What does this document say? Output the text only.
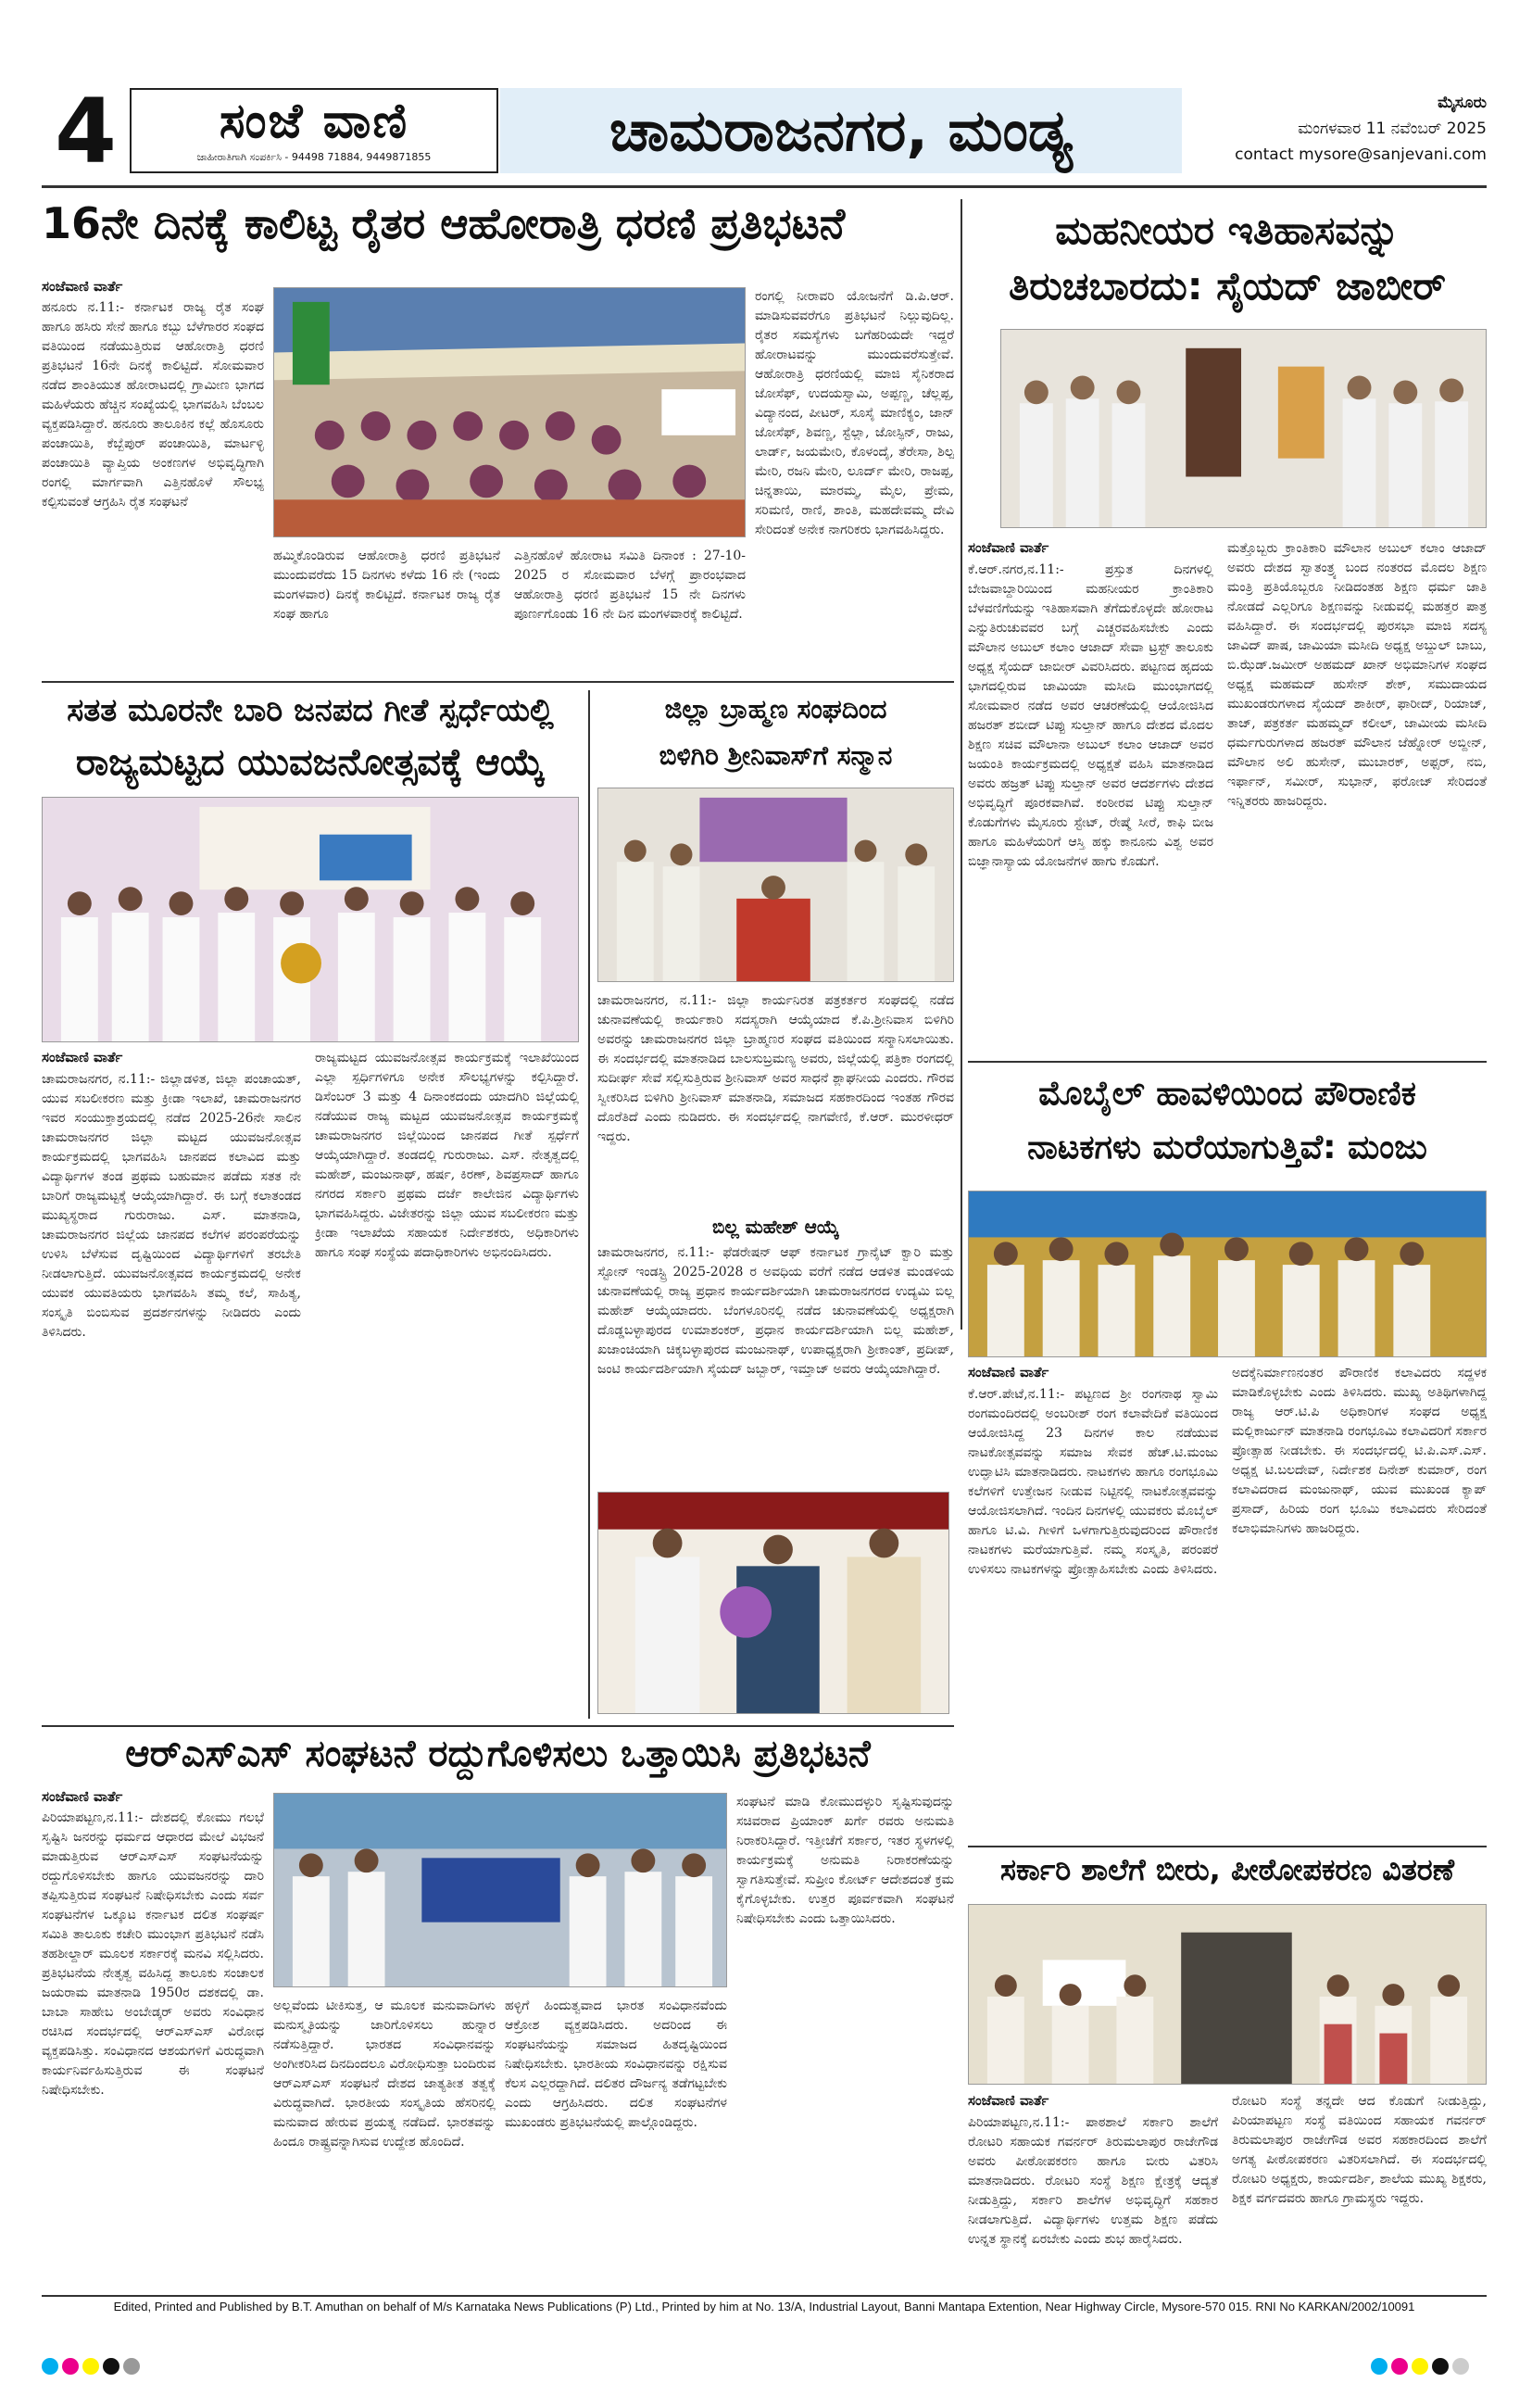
4	ಸಂಜೆ ವಾಣಿ
ಜಾಹೀರಾತಿಗಾಗಿ ಸಂಪರ್ಕಿಸಿ - 94498 71884, 9449871855	ಚಾಮರಾಜನಗರ, ಮಂಡ್ಯ	ಮೈಸೂರು
ಮಂಗಳವಾರ 11 ನವೆಂಬರ್ 2025
contact mysore@sanjevani.com
16ನೇ ದಿನಕ್ಕೆ ಕಾಲಿಟ್ಟ ರೈತರ ಆಹೋರಾತ್ರಿ ಧರಣಿ ಪ್ರತಿಭಟನೆ
ಸಂಜೆವಾಣಿ ವಾರ್ತೆ
ಹನೂರು ನ.11:- ಕರ್ನಾಟಕ ರಾಜ್ಯ ರೈತ ಸಂಘ ಹಾಗೂ ಹಸಿರು ಸೇನೆ ಹಾಗೂ ಕಬ್ಬು ಬೆಳೆಗಾರರ ಸಂಘದ ವತಿಯಿಂದ ನಡೆಯುತ್ತಿರುವ ಆಹೋರಾತ್ರಿ ಧರಣಿ ಪ್ರತಿಭಟನೆ 16ನೇ ದಿನಕ್ಕೆ ಕಾಲಿಟ್ಟಿದೆ. ಸೋಮವಾರ ನಡೆದ ಶಾಂತಿಯುತ ಹೋರಾಟದಲ್ಲಿ ಗ್ರಾಮೀಣ ಭಾಗದ ಮಹಿಳೆಯರು ಹೆಚ್ಚಿನ ಸಂಖ್ಯೆಯಲ್ಲಿ ಭಾಗವಹಿಸಿ ಬೆಂಬಲ ವ್ಯಕ್ತಪಡಿಸಿದ್ದಾರೆ. ಹನೂರು ತಾಲೂಕಿನ ಕಲ್ಲೆ ಹೊಸೂರು ಪಂಚಾಯಿತಿ, ಕೆಬ್ಬೆಪುರ್ ಪಂಚಾಯಿತಿ, ಮಾರ್ಟಳ್ಳಿ ಪಂಚಾಯಿತಿ ವ್ಯಾಪ್ತಿಯ ಅಂಕಣಗಳ ಅಭಿವೃದ್ಧಿಗಾಗಿ ರಂಗಲ್ಲಿ ಮಾರ್ಗವಾಗಿ ಎತ್ತಿನಹೊಳೆ ಸೌಲಭ್ಯ ಕಲ್ಪಿಸುವಂತೆ ಆಗ್ರಹಿಸಿ ರೈತ ಸಂಘಟನೆ
ಹಮ್ಮಿಕೊಂಡಿರುವ ಆಹೋರಾತ್ರಿ ಧರಣಿ ಪ್ರತಿಭಟನೆ ಮುಂದುವರೆದು 15 ದಿನಗಳು ಕಳೆದು 16 ನೇ (ಇಂದು ಮಂಗಳವಾರ) ದಿನಕ್ಕೆ ಕಾಲಿಟ್ಟಿದೆ. ಕರ್ನಾಟಕ ರಾಜ್ಯ ರೈತ ಸಂಘ ಹಾಗೂ
ಎತ್ತಿನಹೊಳೆ ಹೋರಾಟ ಸಮಿತಿ ದಿನಾಂಕ : 27-10-2025 ರ ಸೋಮವಾರ ಬೆಳಗ್ಗೆ ಪ್ರಾರಂಭವಾದ ಆಹೋರಾತ್ರಿ ಧರಣಿ ಪ್ರತಿಭಟನೆ 15 ನೇ ದಿನಗಳು ಪೂರ್ಣಗೊಂಡು 16 ನೇ ದಿನ ಮಂಗಳವಾರಕ್ಕೆ ಕಾಲಿಟ್ಟಿದೆ.
ರಂಗಲ್ಲಿ ನೀರಾವರಿ ಯೋಜನೆಗೆ ಡಿ.ಪಿ.ಆರ್. ಮಾಡಿಸುವವರೆಗೂ ಪ್ರತಿಭಟನೆ ನಿಲ್ಲುವುದಿಲ್ಲ. ರೈತರ ಸಮಸ್ಯೆಗಳು ಬಗೆಹರಿಯದೇ ಇದ್ದರೆ ಹೋರಾಟವನ್ನು ಮುಂದುವರೆಸುತ್ತೇವೆ. ಆಹೋರಾತ್ರಿ ಧರಣಿಯಲ್ಲಿ ಮಾಜಿ ಸೈನಿಕರಾದ ಜೋಸೆಫ್, ಉದಯಸ್ವಾಮಿ, ಅಪ್ಪಣ್ಣ, ಚೆಲ್ಲಪ್ಪ, ವಿದ್ಯಾನಂದ, ಪೀಟರ್, ಸೂಸೈ ಮಾಣಿಕ್ಯಂ, ಜಾನ್ ಜೋಸೆಫ್, ಶಿವಣ್ಣ, ಸ್ಟೆಲ್ಲಾ, ಜೋಸ್ಫಿನ್, ರಾಜು, ಲಾರ್ಡ್, ಜಯಮೇರಿ, ಕೊಳಂದೈ, ತೆರೇಸಾ, ಶಿಲ್ಪ ಮೇರಿ, ರಜನಿ ಮೇರಿ, ಲೂರ್ದ್ ಮೇರಿ, ರಾಜಪ್ಪ, ಚಿನ್ನತಾಯಿ, ಮಾರಮ್ಮ, ಮೈಲ, ಪ್ರೇಮ, ಸರಿಮಣಿ, ರಾಣಿ, ಶಾಂತಿ, ಮಹದೇವಮ್ಮ ದೇವಿ ಸೇರಿದಂತೆ ಅನೇಕ ನಾಗರಿಕರು ಭಾಗವಹಿಸಿದ್ದರು.
ಮಹನೀಯರ ಇತಿಹಾಸವನ್ನು
ತಿರುಚಬಾರದು: ಸೈಯದ್ ಜಾಬೀರ್
ಸಂಜೆವಾಣಿ ವಾರ್ತೆ
ಕೆ.ಆರ್.ನಗರ,ನ.11:- ಪ್ರಸ್ತುತ ದಿನಗಳಲ್ಲಿ ಬೇಜವಾಬ್ದಾರಿಯಿಂದ ಮಹನೀಯರ ಕ್ರಾಂತಿಕಾರಿ ಬೆಳವಣಿಗೆಯನ್ನು ಇತಿಹಾಸವಾಗಿ ತೆಗೆದುಕೊಳ್ಳದೇ ಹೋರಾಟ ಎನ್ನುತಿರುಚುವವರ ಬಗ್ಗೆ ಎಚ್ಚರವಹಿಸಬೇಕು ಎಂದು ಮೌಲಾನ ಅಬುಲ್ ಕಲಾಂ ಆಜಾದ್ ಸೇವಾ ಟ್ರಸ್ಟ್ ತಾಲೂಕು ಅಧ್ಯಕ್ಷ ಸೈಯದ್ ಜಾಬೀರ್ ವಿವರಿಸಿದರು. ಪಟ್ಟಣದ ಹೃದಯ ಭಾಗದಲ್ಲಿರುವ ಜಾಮಿಯಾ ಮಸೀದಿ ಮುಂಭಾಗದಲ್ಲಿ ಸೋಮವಾರ ನಡೆದ ಅವರ ಆಚರಣೆಯಲ್ಲಿ ಆಯೋಜಿಸಿದ ಹಜರತ್ ಶಬೀದ್ ಟಿಪ್ಪು ಸುಲ್ತಾನ್ ಹಾಗೂ ದೇಶದ ಮೊದಲ ಶಿಕ್ಷಣ ಸಚಿವ ಮೌಲಾನಾ ಅಬುಲ್ ಕಲಾಂ ಆಜಾದ್ ಅವರ ಜಯಂತಿ ಕಾರ್ಯಕ್ರಮದಲ್ಲಿ ಅಧ್ಯಕ್ಷತೆ ವಹಿಸಿ ಮಾತನಾಡಿದ ಅವರು ಹಜ್ರತ್ ಟಿಪ್ಪು ಸುಲ್ತಾನ್ ಅವರ ಆದರ್ಶಗಳು ದೇಶದ ಅಭಿವೃದ್ಧಿಗೆ ಪೂರಕವಾಗಿವೆ. ಕಂಠೀರವ ಟಿಪ್ಪು ಸುಲ್ತಾನ್ ಕೊಡುಗೆಗಳು ಮೈಸೂರು ಸ್ಟೇಟ್, ರೇಷ್ಮೆ ಸೀರೆ, ಕಾಫಿ ಬೀಜ ಹಾಗೂ ಮಹಿಳೆಯರಿಗೆ ಆಸ್ತಿ ಹಕ್ಕು ಕಾನೂನು ವಿಶ್ವ ಅವರ ಬಿಜ್ಞಾನಾಸ್ಯಾಯ ಯೋಜನೆಗಳ ಹಾಗು ಕೊಡುಗೆ.
ಮತ್ತೊಬ್ಬರು ಕ್ರಾಂತಿಕಾರಿ ಮೌಲಾನ ಅಬುಲ್ ಕಲಾಂ ಆಜಾದ್ ಅವರು ದೇಶದ ಸ್ವಾತಂತ್ರ್ಯ ಬಂದ ನಂತರದ ಮೊದಲ ಶಿಕ್ಷಣ ಮಂತ್ರಿ ಪ್ರತಿಯೊಬ್ಬರೂ ನೀಡಿದಂತಹ ಶಿಕ್ಷಣ ಧರ್ಮ ಜಾತಿ ನೋಡದೆ ಎಲ್ಲರಿಗೂ ಶಿಕ್ಷಣವನ್ನು ನೀಡುವಲ್ಲಿ ಮಹತ್ತರ ಪಾತ್ರ ವಹಿಸಿದ್ದಾರೆ. ಈ ಸಂದರ್ಭದಲ್ಲಿ ಪುರಸಭಾ ಮಾಜಿ ಸದಸ್ಯ ಜಾವಿದ್ ಪಾಷ, ಜಾಮಿಯಾ ಮಸೀದಿ ಅಧ್ಯಕ್ಷ ಅಬ್ದುಲ್ ಬಾಬು, ಬಿ.ಝೆಡ್.ಜಮೀರ್ ಅಹಮದ್ ಖಾನ್ ಅಭಿಮಾನಿಗಳ ಸಂಘದ ಅಧ್ಯಕ್ಷ ಮಹಮದ್ ಹುಸೇನ್ ಶೇಕ್, ಸಮುದಾಯದ ಮುಖಂಡರುಗಳಾದ ಸೈಯದ್ ಶಾಕೀರ್, ಫಾರೀದ್, ರಿಯಾಜ್, ತಾಜ್, ಪತ್ರಕರ್ತ ಮಹಮ್ಮದ್ ಕಲೀಲ್, ಜಾಮೀಯ ಮಸೀದಿ ಧರ್ಮಗುರುಗಳಾದ ಹಜರತ್ ಮೌಲಾನ ಜೆಹ್ನೋರ್ ಅಬ್ದೀನ್, ಮೌಲಾನ ಅಲಿ ಹುಸೇನ್, ಮುಬಾರಕ್, ಅಫ್ಸರ್, ನಬಿ, ಇರ್ಫಾನ್, ಸಮೀರ್, ಸುಭಾನ್, ಫರೋಜ್ ಸೇರಿದಂತೆ ಇನ್ನಿತರರು ಹಾಜರಿದ್ದರು.
ಸತತ ಮೂರನೇ ಬಾರಿ ಜನಪದ ಗೀತೆ ಸ್ಪರ್ಧೆಯಲ್ಲಿ
ರಾಜ್ಯಮಟ್ಟದ ಯುವಜನೋತ್ಸವಕ್ಕೆ ಆಯ್ಕೆ
ಸಂಜೆವಾಣಿ ವಾರ್ತೆ
ಚಾಮರಾಜನಗರ, ನ.11:- ಜಿಲ್ಲಾಡಳಿತ, ಜಿಲ್ಲಾ ಪಂಚಾಯತ್, ಯುವ ಸಬಲೀಕರಣ ಮತ್ತು ಕ್ರೀಡಾ ಇಲಾಖೆ, ಚಾಮರಾಜನಗರ ಇವರ ಸಂಯುಕ್ತಾಶ್ರಯದಲ್ಲಿ ನಡೆದ 2025-26ನೇ ಸಾಲಿನ ಚಾಮರಾಜನಗರ ಜಿಲ್ಲಾ ಮಟ್ಟದ ಯುವಜನೋತ್ಸವ ಕಾರ್ಯಕ್ರಮದಲ್ಲಿ ಭಾಗವಹಿಸಿ ಜಾನಪದ ಕಲಾವಿದ ಮತ್ತು ವಿದ್ಯಾರ್ಥಿಗಳ ತಂಡ ಪ್ರಥಮ ಬಹುಮಾನ ಪಡೆದು ಸತತ ನೇ ಬಾರಿಗೆ ರಾಜ್ಯಮಟ್ಟಕ್ಕೆ ಆಯ್ಕೆಯಾಗಿದ್ದಾರೆ. ಈ ಬಗ್ಗೆ ಕಲಾತಂಡದ ಮುಖ್ಯಸ್ಥರಾದ ಗುರುರಾಜು. ಎಸ್. ಮಾತನಾಡಿ, ಚಾಮರಾಜನಗರ ಜಿಲ್ಲೆಯ ಜಾನಪದ ಕಲೆಗಳ ಪರಂಪರೆಯನ್ನು ಉಳಿಸಿ ಬೆಳೆಸುವ ದೃಷ್ಟಿಯಿಂದ ವಿದ್ಯಾರ್ಥಿಗಳಿಗೆ ತರಬೇತಿ ನೀಡಲಾಗುತ್ತಿದೆ. ಯುವಜನೋತ್ಸವದ ಕಾರ್ಯಕ್ರಮದಲ್ಲಿ ಅನೇಕ ಯುವಕ ಯುವತಿಯರು ಭಾಗವಹಿಸಿ ತಮ್ಮ ಕಲೆ, ಸಾಹಿತ್ಯ, ಸಂಸ್ಕೃತಿ ಬಿಂಬಿಸುವ ಪ್ರದರ್ಶನಗಳನ್ನು ನೀಡಿದರು ಎಂದು ತಿಳಿಸಿದರು.
ರಾಜ್ಯಮಟ್ಟದ ಯುವಜನೋತ್ಸವ ಕಾರ್ಯಕ್ರಮಕ್ಕೆ ಇಲಾಖೆಯಿಂದ ಎಲ್ಲಾ ಸ್ಪರ್ಧಿಗಳಿಗೂ ಅನೇಕ ಸೌಲಭ್ಯಗಳನ್ನು ಕಲ್ಪಿಸಿದ್ದಾರೆ. ಡಿಸೆಂಬರ್ 3 ಮತ್ತು 4 ದಿನಾಂಕದಂದು ಯಾದಗಿರಿ ಜಿಲ್ಲೆಯಲ್ಲಿ ನಡೆಯುವ ರಾಜ್ಯ ಮಟ್ಟದ ಯುವಜನೋತ್ಸವ ಕಾರ್ಯಕ್ರಮಕ್ಕೆ ಚಾಮರಾಜನಗರ ಜಿಲ್ಲೆಯಿಂದ ಜಾನಪದ ಗೀತೆ ಸ್ಪರ್ಧೆಗೆ ಆಯ್ಕೆಯಾಗಿದ್ದಾರೆ. ತಂಡದಲ್ಲಿ ಗುರುರಾಜು. ಎಸ್. ನೇತೃತ್ವದಲ್ಲಿ ಮಹೇಶ್, ಮಂಜುನಾಥ್, ಹರ್ಷ, ಕಿರಣ್, ಶಿವಪ್ರಸಾದ್ ಹಾಗೂ ನಗರದ ಸರ್ಕಾರಿ ಪ್ರಥಮ ದರ್ಜೆ ಕಾಲೇಜಿನ ವಿದ್ಯಾರ್ಥಿಗಳು ಭಾಗವಹಿಸಿದ್ದರು. ವಿಜೇತರನ್ನು ಜಿಲ್ಲಾ ಯುವ ಸಬಲೀಕರಣ ಮತ್ತು ಕ್ರೀಡಾ ಇಲಾಖೆಯ ಸಹಾಯಕ ನಿರ್ದೇಶಕರು, ಅಧಿಕಾರಿಗಳು ಹಾಗೂ ಸಂಘ ಸಂಸ್ಥೆಯ ಪದಾಧಿಕಾರಿಗಳು ಅಭಿನಂದಿಸಿದರು.
ಜಿಲ್ಲಾ ಬ್ರಾಹ್ಮಣ ಸಂಘದಿಂದ
ಬಿಳಿಗಿರಿ ಶ್ರೀನಿವಾಸ್‌ಗೆ ಸನ್ಮಾನ
ಚಾಮರಾಜನಗರ, ನ.11:- ಜಿಲ್ಲಾ ಕಾರ್ಯನಿರತ ಪತ್ರಕರ್ತರ ಸಂಘದಲ್ಲಿ ನಡೆದ ಚುನಾವಣೆಯಲ್ಲಿ ಕಾರ್ಯಕಾರಿ ಸದಸ್ಯರಾಗಿ ಆಯ್ಕೆಯಾದ ಕೆ.ಪಿ.ಶ್ರೀನಿವಾಸ ಬಿಳಿಗಿರಿ ಅವರನ್ನು ಚಾಮರಾಜನಗರ ಜಿಲ್ಲಾ ಬ್ರಾಹ್ಮಣರ ಸಂಘದ ವತಿಯಿಂದ ಸನ್ಮಾನಿಸಲಾಯಿತು. ಈ ಸಂದರ್ಭದಲ್ಲಿ ಮಾತನಾಡಿದ ಬಾಲಸುಬ್ರಮಣ್ಯ ಅವರು, ಜಿಲ್ಲೆಯಲ್ಲಿ ಪತ್ರಿಕಾ ರಂಗದಲ್ಲಿ ಸುದೀರ್ಘ ಸೇವೆ ಸಲ್ಲಿಸುತ್ತಿರುವ ಶ್ರೀನಿವಾಸ್ ಅವರ ಸಾಧನೆ ಶ್ಲಾಘನೀಯ ಎಂದರು. ಗೌರವ ಸ್ವೀಕರಿಸಿದ ಬಿಳಿಗಿರಿ ಶ್ರೀನಿವಾಸ್ ಮಾತನಾಡಿ, ಸಮಾಜದ ಸಹಕಾರದಿಂದ ಇಂತಹ ಗೌರವ ದೊರೆತಿದೆ ಎಂದು ನುಡಿದರು. ಈ ಸಂದರ್ಭದಲ್ಲಿ ನಾಗವೇಣಿ, ಕೆ.ಆರ್. ಮುರಳೀಧರ್ ಇದ್ದರು.
ಬಿಲ್ಲ ಮಹೇಶ್ ಆಯ್ಕೆ
ಚಾಮರಾಜನಗರ, ನ.11:- ಫೆಡರೇಷನ್ ಆಫ್ ಕರ್ನಾಟಕ ಗ್ರಾನೈಟ್ ಕ್ವಾರಿ ಮತ್ತು ಸ್ಟೋನ್ ಇಂಡಸ್ಟ್ರಿ 2025-2028 ರ ಅವಧಿಯ ವರೆಗೆ ನಡೆದ ಆಡಳಿತ ಮಂಡಳಿಯ ಚುನಾವಣೆಯಲ್ಲಿ ರಾಜ್ಯ ಪ್ರಧಾನ ಕಾರ್ಯದರ್ಶಿಯಾಗಿ ಚಾಮರಾಜನಗರದ ಉದ್ಯಮಿ ಬಿಲ್ಲ ಮಹೇಶ್ ಆಯ್ಕೆಯಾದರು. ಬೆಂಗಳೂರಿನಲ್ಲಿ ನಡೆದ ಚುನಾವಣೆಯಲ್ಲಿ ಅಧ್ಯಕ್ಷರಾಗಿ ದೊಡ್ಡಬಳ್ಳಾಪುರದ ಉಮಾಶಂಕರ್, ಪ್ರಧಾನ ಕಾರ್ಯದರ್ಶಿಯಾಗಿ ಬಿಲ್ಲ ಮಹೇಶ್, ಖಜಾಂಚಿಯಾಗಿ ಚಿಕ್ಕಬಳ್ಳಾಪುರದ ಮಂಜುನಾಥ್, ಉಪಾಧ್ಯಕ್ಷರಾಗಿ ಶ್ರೀಕಾಂತ್, ಪ್ರದೀಪ್, ಜಂಟಿ ಕಾರ್ಯದರ್ಶಿಯಾಗಿ ಸೈಯದ್ ಜಬ್ಬಾರ್, ಇಮ್ತಾಜ್ ಅವರು ಆಯ್ಕೆಯಾಗಿದ್ದಾರೆ.
ಮೊಬೈಲ್ ಹಾವಳಿಯಿಂದ ಪೌರಾಣಿಕ
ನಾಟಕಗಳು ಮರೆಯಾಗುತ್ತಿವೆ: ಮಂಜು
ಸಂಜೆವಾಣಿ ವಾರ್ತೆ
ಕೆ.ಆರ್.ಪೇಟೆ,ನ.11:- ಪಟ್ಟಣದ ಶ್ರೀ ರಂಗನಾಥ ಸ್ವಾಮಿ ರಂಗಮಂದಿರದಲ್ಲಿ ಅಂಬರೀಶ್ ರಂಗ ಕಲಾವೇದಿಕೆ ವತಿಯಿಂದ ಆಯೋಜಿಸಿದ್ದ 23 ದಿನಗಳ ಕಾಲ ನಡೆಯುವ ನಾಟಕೋತ್ಸವವನ್ನು ಸಮಾಜ ಸೇವಕ ಹೆಚ್.ಟಿ.ಮಂಜು ಉದ್ಘಾಟಿಸಿ ಮಾತನಾಡಿದರು. ನಾಟಕಗಳು ಹಾಗೂ ರಂಗಭೂಮಿ ಕಲೆಗಳಿಗೆ ಉತ್ತೇಜನ ನೀಡುವ ನಿಟ್ಟಿನಲ್ಲಿ ನಾಟಕೋತ್ಸವವನ್ನು ಆಯೋಜಿಸಲಾಗಿದೆ. ಇಂದಿನ ದಿನಗಳಲ್ಲಿ ಯುವಕರು ಮೊಬೈಲ್ ಹಾಗೂ ಟಿ.ವಿ. ಗೀಳಿಗೆ ಒಳಗಾಗುತ್ತಿರುವುದರಿಂದ ಪೌರಾಣಿಕ ನಾಟಕಗಳು ಮರೆಯಾಗುತ್ತಿವೆ. ನಮ್ಮ ಸಂಸ್ಕೃತಿ, ಪರಂಪರೆ ಉಳಿಸಲು ನಾಟಕಗಳನ್ನು ಪ್ರೋತ್ಸಾಹಿಸಬೇಕು ಎಂದು ತಿಳಿಸಿದರು.
ಅದಕ್ಕೆನಿರ್ಮಾಣನಂತರ ಪೌರಾಣಿಕ ಕಲಾವಿದರು ಸದ್ದಳಕ ಮಾಡಿಕೊಳ್ಳಬೇಕು ಎಂದು ತಿಳಿಸಿದರು. ಮುಖ್ಯ ಅತಿಥಿಗಳಾಗಿದ್ದ ರಾಜ್ಯ ಆರ್.ಟಿ.ಪಿ ಅಧಿಕಾರಿಗಳ ಸಂಘದ ಅಧ್ಯಕ್ಷ ಮಲ್ಲಿಕಾರ್ಜುನ್ ಮಾತನಾಡಿ ರಂಗಭೂಮಿ ಕಲಾವಿದರಿಗೆ ಸರ್ಕಾರ ಪ್ರೋತ್ಸಾಹ ನೀಡಬೇಕು. ಈ ಸಂದರ್ಭದಲ್ಲಿ ಟಿ.ಪಿ.ಎಸ್.ಎಸ್. ಅಧ್ಯಕ್ಷ ಟಿ.ಬಲದೇವ್, ನಿರ್ದೇಶಕ ದಿನೇಶ್ ಕುಮಾರ್, ರಂಗ ಕಲಾವಿದರಾದ ಮಂಜುನಾಥ್, ಯುವ ಮುಖಂಡ ಕ್ಯಾಪ್ ಪ್ರಸಾದ್, ಹಿರಿಯ ರಂಗ ಭೂಮಿ ಕಲಾವಿದರು ಸೇರಿದಂತೆ ಕಲಾಭಿಮಾನಿಗಳು ಹಾಜರಿದ್ದರು.
ಆರ್‌ಎಸ್‌ಎಸ್ ಸಂಘಟನೆ ರದ್ದುಗೊಳಿಸಲು ಒತ್ತಾಯಿಸಿ ಪ್ರತಿಭಟನೆ
ಸಂಜೆವಾಣಿ ವಾರ್ತೆ
ಪಿರಿಯಾಪಟ್ಟಣ,ನ.11:- ದೇಶದಲ್ಲಿ ಕೋಮು ಗಲಭೆ ಸೃಷ್ಟಿಸಿ ಜನರನ್ನು ಧರ್ಮದ ಆಧಾರದ ಮೇಲೆ ವಿಭಜನೆ ಮಾಡುತ್ತಿರುವ ಆರ್‌ಎಸ್‌ಎಸ್ ಸಂಘಟನೆಯನ್ನು ರದ್ದುಗೊಳಿಸಬೇಕು ಹಾಗೂ ಯುವಜನರನ್ನು ದಾರಿ ತಪ್ಪಿಸುತ್ತಿರುವ ಸಂಘಟನೆ ನಿಷೇಧಿಸಬೇಕು ಎಂದು ಸರ್ವ ಸಂಘಟನೆಗಳ ಒಕ್ಕೂಟ ಕರ್ನಾಟಕ ದಲಿತ ಸಂಘರ್ಷ ಸಮಿತಿ ತಾಲೂಕು ಕಚೇರಿ ಮುಂಭಾಗ ಪ್ರತಿಭಟನೆ ನಡೆಸಿ ತಹಶೀಲ್ದಾರ್ ಮೂಲಕ ಸರ್ಕಾರಕ್ಕೆ ಮನವಿ ಸಲ್ಲಿಸಿದರು. ಪ್ರತಿಭಟನೆಯ ನೇತೃತ್ವ ವಹಿಸಿದ್ದ ತಾಲೂಕು ಸಂಚಾಲಕ ಜಯರಾಮ ಮಾತನಾಡಿ 1950ರ ದಶಕದಲ್ಲಿ ಡಾ. ಬಾಬಾ ಸಾಹೇಬ ಅಂಬೇಡ್ಕರ್ ಅವರು ಸಂವಿಧಾನ ರಚಿಸಿದ ಸಂದರ್ಭದಲ್ಲಿ ಆರ್‌ಎಸ್‌ಎಸ್ ವಿರೋಧ ವ್ಯಕ್ತಪಡಿಸಿತ್ತು. ಸಂವಿಧಾನದ ಆಶಯಗಳಿಗೆ ವಿರುದ್ಧವಾಗಿ ಕಾರ್ಯನಿರ್ವಹಿಸುತ್ತಿರುವ ಈ ಸಂಘಟನೆ ನಿಷೇಧಿಸಬೇಕು.
ಅಲ್ಲವೆಂದು ಟೀಕಿಸುತ್ತ, ಆ ಮೂಲಕ ಮನುವಾದಿಗಳು ಮನುಸ್ಮೃತಿಯನ್ನು ಜಾರಿಗೊಳಿಸಲು ಹುನ್ನಾರ ನಡೆಸುತ್ತಿದ್ದಾರೆ. ಭಾರತದ ಸಂವಿಧಾನವನ್ನು ಅಂಗೀಕರಿಸಿದ ದಿನದಿಂದಲೂ ವಿರೋಧಿಸುತ್ತಾ ಬಂದಿರುವ ಆರ್‌ಎಸ್‌ಎಸ್ ಸಂಘಟನೆ ದೇಶದ ಜಾತ್ಯತೀತ ತತ್ವಕ್ಕೆ ವಿರುದ್ಧವಾಗಿದೆ. ಭಾರತೀಯ ಸಂಸ್ಕೃತಿಯ ಹೆಸರಿನಲ್ಲಿ ಮನುವಾದ ಹೇರುವ ಪ್ರಯತ್ನ ನಡೆದಿದೆ. ಭಾರತವನ್ನು ಹಿಂದೂ ರಾಷ್ಟ್ರವನ್ನಾಗಿಸುವ ಉದ್ದೇಶ ಹೊಂದಿದೆ.
ಹಳ್ಳಿಗೆ ಹಿಂದುತ್ವವಾದ ಭಾರತ ಸಂವಿಧಾನವೆಂದು ಆಕ್ರೋಶ ವ್ಯಕ್ತಪಡಿಸಿದರು. ಅದರಿಂದ ಈ ಸಂಘಟನೆಯನ್ನು ಸಮಾಜದ ಹಿತದೃಷ್ಟಿಯಿಂದ ನಿಷೇಧಿಸಬೇಕು. ಭಾರತೀಯ ಸಂವಿಧಾನವನ್ನು ರಕ್ಷಿಸುವ ಕೆಲಸ ಎಲ್ಲರದ್ದಾಗಿದೆ. ದಲಿತರ ದೌರ್ಜನ್ಯ ತಡೆಗಟ್ಟಬೇಕು ಎಂದು ಆಗ್ರಹಿಸಿದರು. ದಲಿತ ಸಂಘಟನೆಗಳ ಮುಖಂಡರು ಪ್ರತಿಭಟನೆಯಲ್ಲಿ ಪಾಲ್ಗೊಂಡಿದ್ದರು.
ಸಂಘಟನೆ ಮಾಡಿ ಕೋಮುದಳ್ಳುರಿ ಸೃಷ್ಟಿಸುವುದನ್ನು ಸಚಿವರಾದ ಪ್ರಿಯಾಂಕ್ ಖರ್ಗೆ ರವರು ಅನುಮತಿ ನಿರಾಕರಿಸಿದ್ದಾರೆ. ಇತ್ತೀಚೆಗೆ ಸರ್ಕಾರ, ಇತರ ಸ್ಥಳಗಳಲ್ಲಿ ಕಾರ್ಯಕ್ರಮಕ್ಕೆ ಅನುಮತಿ ನಿರಾಕರಣೆಯನ್ನು ಸ್ವಾಗತಿಸುತ್ತೇವೆ. ಸುಪ್ರೀಂ ಕೋರ್ಟ್ ಆದೇಶದಂತೆ ಕ್ರಮ ಕೈಗೊಳ್ಳಬೇಕು. ಉತ್ತರ ಪೂರ್ವಕವಾಗಿ ಸಂಘಟನೆ ನಿಷೇಧಿಸಬೇಕು ಎಂದು ಒತ್ತಾಯಿಸಿದರು.
ಸರ್ಕಾರಿ ಶಾಲೆಗೆ ಬೀರು, ಪೀಠೋಪಕರಣ ವಿತರಣೆ
ಸಂಜೆವಾಣಿ ವಾರ್ತೆ
ಪಿರಿಯಾಪಟ್ಟಣ,ನ.11:- ಪಾಠಶಾಲೆ ಸರ್ಕಾರಿ ಶಾಲೆಗೆ ರೋಟರಿ ಸಹಾಯಕ ಗವರ್ನರ್ ತಿರುಮಲಾಪುರ ರಾಜೇಗೌಡ ಅವರು ಪೀಠೋಪಕರಣ ಹಾಗೂ ಬೀರು ವಿತರಿಸಿ ಮಾತನಾಡಿದರು. ರೋಟರಿ ಸಂಸ್ಥೆ ಶಿಕ್ಷಣ ಕ್ಷೇತ್ರಕ್ಕೆ ಆದ್ಯತೆ ನೀಡುತ್ತಿದ್ದು, ಸರ್ಕಾರಿ ಶಾಲೆಗಳ ಅಭಿವೃದ್ಧಿಗೆ ಸಹಕಾರ ನೀಡಲಾಗುತ್ತಿದೆ. ವಿದ್ಯಾರ್ಥಿಗಳು ಉತ್ತಮ ಶಿಕ್ಷಣ ಪಡೆದು ಉನ್ನತ ಸ್ಥಾನಕ್ಕೆ ಏರಬೇಕು ಎಂದು ಶುಭ ಹಾರೈಸಿದರು.
ರೋಟರಿ ಸಂಸ್ಥೆ ತನ್ನದೇ ಆದ ಕೊಡುಗೆ ನೀಡುತ್ತಿದ್ದು, ಪಿರಿಯಾಪಟ್ಟಣ ಸಂಸ್ಥೆ ವತಿಯಿಂದ ಸಹಾಯಕ ಗವರ್ನರ್ ತಿರುಮಲಾಪುರ ರಾಜೇಗೌಡ ಅವರ ಸಹಕಾರದಿಂದ ಶಾಲೆಗೆ ಅಗತ್ಯ ಪೀಠೋಪಕರಣ ವಿತರಿಸಲಾಗಿದೆ. ಈ ಸಂದರ್ಭದಲ್ಲಿ ರೋಟರಿ ಅಧ್ಯಕ್ಷರು, ಕಾರ್ಯದರ್ಶಿ, ಶಾಲೆಯ ಮುಖ್ಯ ಶಿಕ್ಷಕರು, ಶಿಕ್ಷಕ ವರ್ಗದವರು ಹಾಗೂ ಗ್ರಾಮಸ್ಥರು ಇದ್ದರು.
Edited, Printed and Published by B.T. Amuthan on behalf of M/s Karnataka News Publications (P) Ltd., Printed by him at No. 13/A, Industrial Layout, Banni Mantapa Extention, Near Highway Circle, Mysore-570 015. RNI No KARKAN/2002/10091
